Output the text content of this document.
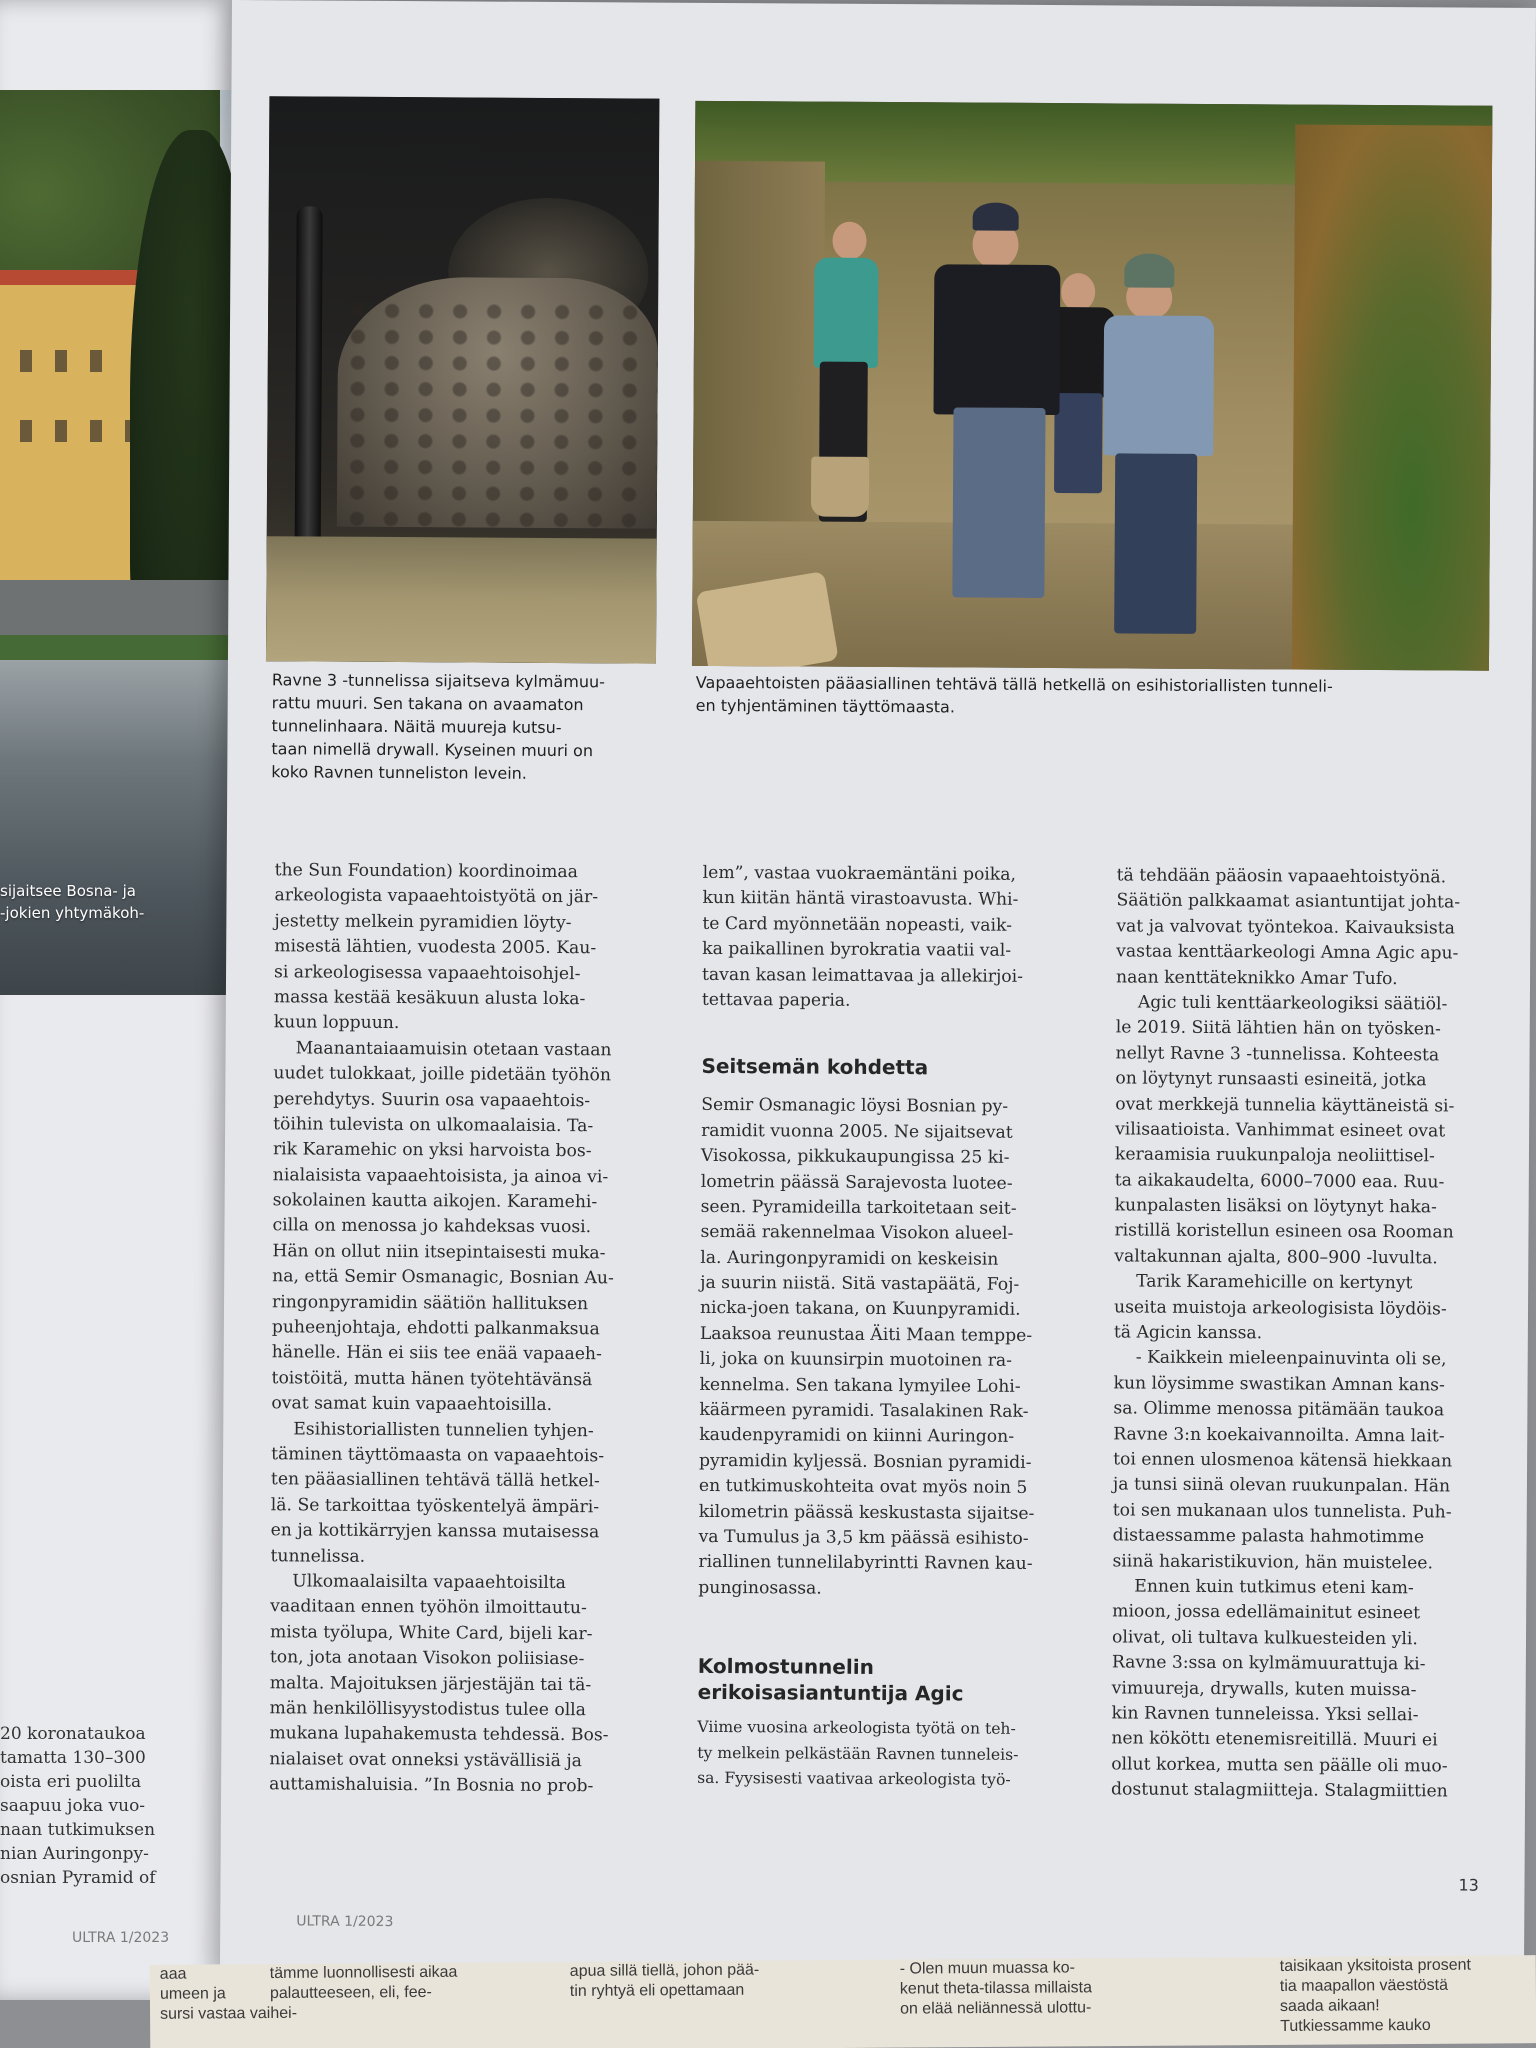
sijaitsee Bosna- ja
-jokien yhtymäkoh-
20 koronataukoa
tamatta 130–300
oista eri puolilta
saapuu joka vuo-
naan tutkimuksen
nian Auringonpy-
osnian Pyramid of
ULTRA 1/2023
Ravne 3 -tunnelissa sijaitseva kylmämuu-
rattu muuri. Sen takana on avaamaton
tunnelinhaara. Näitä muureja kutsu-
taan nimellä drywall. Kyseinen muuri on
koko Ravnen tunneliston levein.
Vapaaehtoisten pääasiallinen tehtävä tällä hetkellä on esihistoriallisten tunneli-
en tyhjentäminen täyttömaasta.
the Sun Foundation) koordinoimaa
arkeologista vapaaehtoistyötä on jär-
jestetty melkein pyramidien löyty-
misestä lähtien, vuodesta 2005. Kau-
si arkeologisessa vapaaehtoisohjel-
massa kestää kesäkuun alusta loka-
kuun loppuun.
Maanantaiaamuisin otetaan vastaan
uudet tulokkaat, joille pidetään työhön
perehdytys. Suurin osa vapaaehtois-
töihin tulevista on ulkomaalaisia. Ta-
rik Karamehic on yksi harvoista bos-
nialaisista vapaaehtoisista, ja ainoa vi-
sokolainen kautta aikojen. Karamehi-
cilla on menossa jo kahdeksas vuosi.
Hän on ollut niin itsepintaisesti muka-
na, että Semir Osmanagic, Bosnian Au-
ringonpyramidin säätiön hallituksen
puheenjohtaja, ehdotti palkanmaksua
hänelle. Hän ei siis tee enää vapaaeh-
toistöitä, mutta hänen työtehtävänsä
ovat samat kuin vapaaehtoisilla.
Esihistoriallisten tunnelien tyhjen-
täminen täyttömaasta on vapaaehtois-
ten pääasiallinen tehtävä tällä hetkel-
lä. Se tarkoittaa työskentelyä ämpäri-
en ja kottikärryjen kanssa mutaisessa
tunnelissa.
Ulkomaalaisilta vapaaehtoisilta
vaaditaan ennen työhön ilmoittautu-
mista työlupa, White Card, bijeli kar-
ton, jota anotaan Visokon poliisiase-
malta. Majoituksen järjestäjän tai tä-
män henkilöllisyystodistus tulee olla
mukana lupahakemusta tehdessä. Bos-
nialaiset ovat onneksi ystävällisiä ja
auttamishaluisia. ”In Bosnia no prob-
lem”, vastaa vuokraemäntäni poika,
kun kiitän häntä virastoavusta. Whi-
te Card myönnetään nopeasti, vaik-
ka paikallinen byrokratia vaatii val-
tavan kasan leimattavaa ja allekirjoi-
tettavaa paperia.
Seitsemän kohdetta
Semir Osmanagic löysi Bosnian py-
ramidit vuonna 2005. Ne sijaitsevat
Visokossa, pikkukaupungissa 25 ki-
lometrin päässä Sarajevosta luotee-
seen. Pyramideilla tarkoitetaan seit-
semää rakennelmaa Visokon alueel-
la. Auringonpyramidi on keskeisin
ja suurin niistä. Sitä vastapäätä, Foj-
nicka-joen takana, on Kuunpyramidi.
Laaksoa reunustaa Äiti Maan temppe-
li, joka on kuunsirpin muotoinen ra-
kennelma. Sen takana lymyilee Lohi-
käärmeen pyramidi. Tasalakinen Rak-
kaudenpyramidi on kiinni Auringon-
pyramidin kyljessä. Bosnian pyramidi-
en tutkimuskohteita ovat myös noin 5
kilometrin päässä keskustasta sijaitse-
va Tumulus ja 3,5 km päässä esihisto-
riallinen tunnelilabyrintti Ravnen kau-
punginosassa.
Kolmostunnelin
erikoisasiantuntija Agic
Viime vuosina arkeologista työtä on teh-
ty melkein pelkästään Ravnen tunneleis-
sa. Fyysisesti vaativaa arkeologista työ-
tä tehdään pääosin vapaaehtoistyönä.
Säätiön palkkaamat asiantuntijat johta-
vat ja valvovat työntekoa. Kaivauksista
vastaa kenttäarkeologi Amna Agic apu-
naan kenttäteknikko Amar Tufo.
Agic tuli kenttäarkeologiksi säätiöl-
le 2019. Siitä lähtien hän on työsken-
nellyt Ravne 3 -tunnelissa. Kohteesta
on löytynyt runsaasti esineitä, jotka
ovat merkkejä tunnelia käyttäneistä si-
vilisaatioista. Vanhimmat esineet ovat
keraamisia ruukunpaloja neoliittisel-
ta aikakaudelta, 6000–7000 eaa. Ruu-
kunpalasten lisäksi on löytynyt haka-
ristillä koristellun esineen osa Rooman
valtakunnan ajalta, 800–900 -luvulta.
Tarik Karamehicille on kertynyt
useita muistoja arkeologisista löydöis-
tä Agicin kanssa.
- Kaikkein mieleenpainuvinta oli se,
kun löysimme swastikan Amnan kans-
sa. Olimme menossa pitämään taukoa
Ravne 3:n koekaivannoilta. Amna lait-
toi ennen ulosmenoa kätensä hiekkaan
ja tunsi siinä olevan ruukunpalan. Hän
toi sen mukanaan ulos tunnelista. Puh-
distaessamme palasta hahmotimme
siinä hakaristikuvion, hän muistelee.
Ennen kuin tutkimus eteni kam-
mioon, jossa edellämainitut esineet
olivat, oli tultava kulkuesteiden yli.
Ravne 3:ssa on kylmämuurattuja ki-
vimuureja, drywalls, kuten muissa-
kin Ravnen tunneleissa. Yksi sellai-
nen kököttı etenemisreitillä. Muuri ei
ollut korkea, mutta sen päälle oli muo-
dostunut stalagmiitteja. Stalagmiittien
13
ULTRA 1/2023
aaa
umeen ja
sursi vastaa vaihei-
tämme luonnollisesti aikaa
palautteeseen, eli, fee-
apua sillä tiellä, johon pää-
tin ryhtyä eli opettamaan
- Olen muun muassa ko-
kenut theta-tilassa millaista
on elää neliännessä ulottu-
taisikaan yksitoista prosent
tia maapallon väestöstä
saada aikaan!
Tutkiessamme kauko
